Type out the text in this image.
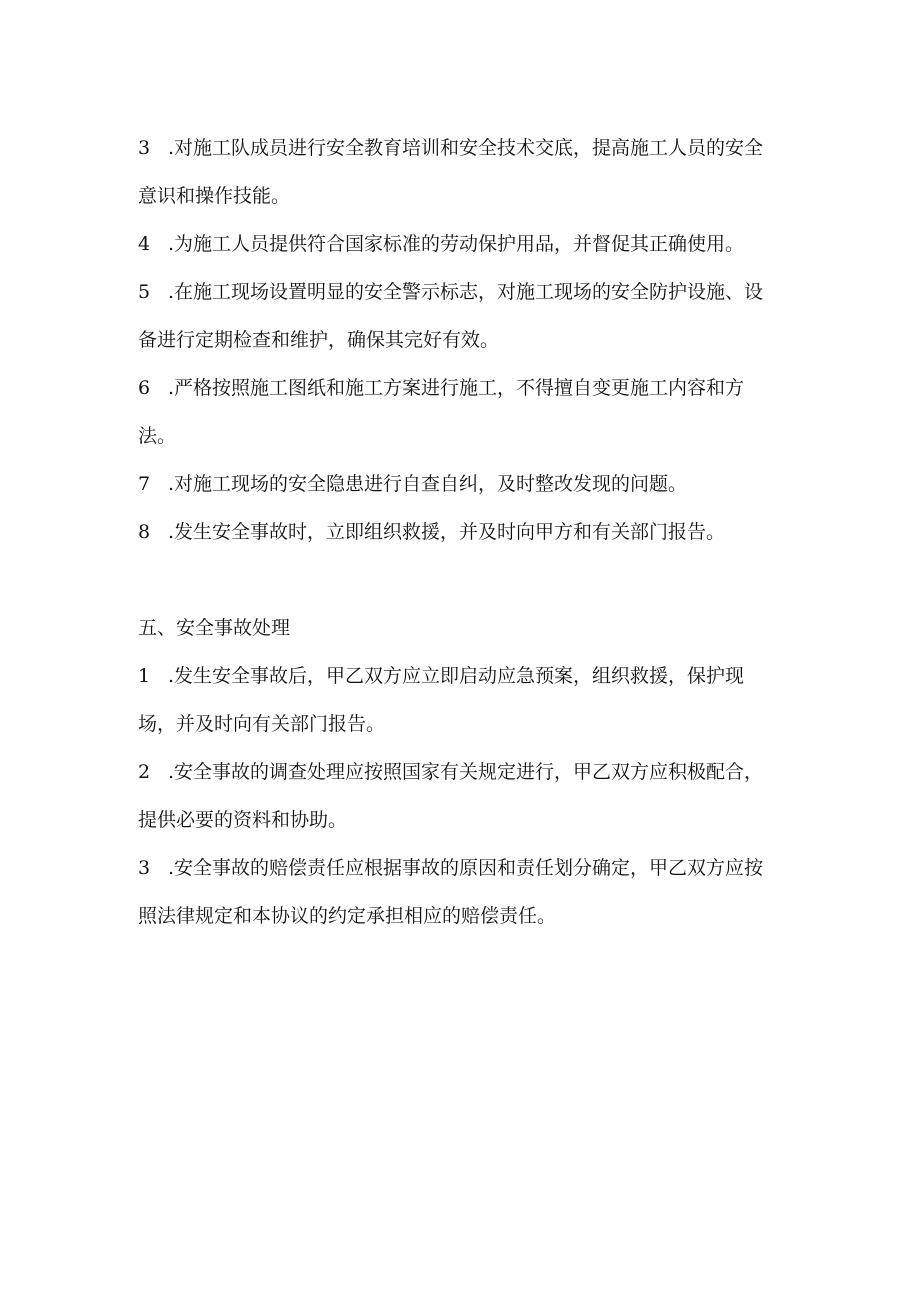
3 .对施工队成员进行安全教育培训和安全技术交底，提高施工人员的安全意识和操作技能。

4 .为施工人员提供符合国家标准的劳动保护用品，并督促其正确使用。

5 .在施工现场设置明显的安全警示标志，对施工现场的安全防护设施、设备进行定期检查和维护，确保其完好有效。

6 .严格按照施工图纸和施工方案进行施工，不得擅自变更施工内容和方法。

7 .对施工现场的安全隐患进行自查自纠，及时整改发现的问题。

8 .发生安全事故时，立即组织救援，并及时向甲方和有关部门报告。

五、安全事故处理

1 .发生安全事故后，甲乙双方应立即启动应急预案，组织救援，保护现场，并及时向有关部门报告。

2 .安全事故的调查处理应按照国家有关规定进行，甲乙双方应积极配合，提供必要的资料和协助。

3 .安全事故的赔偿责任应根据事故的原因和责任划分确定，甲乙双方应按照法律规定和本协议的约定承担相应的赔偿责任。
